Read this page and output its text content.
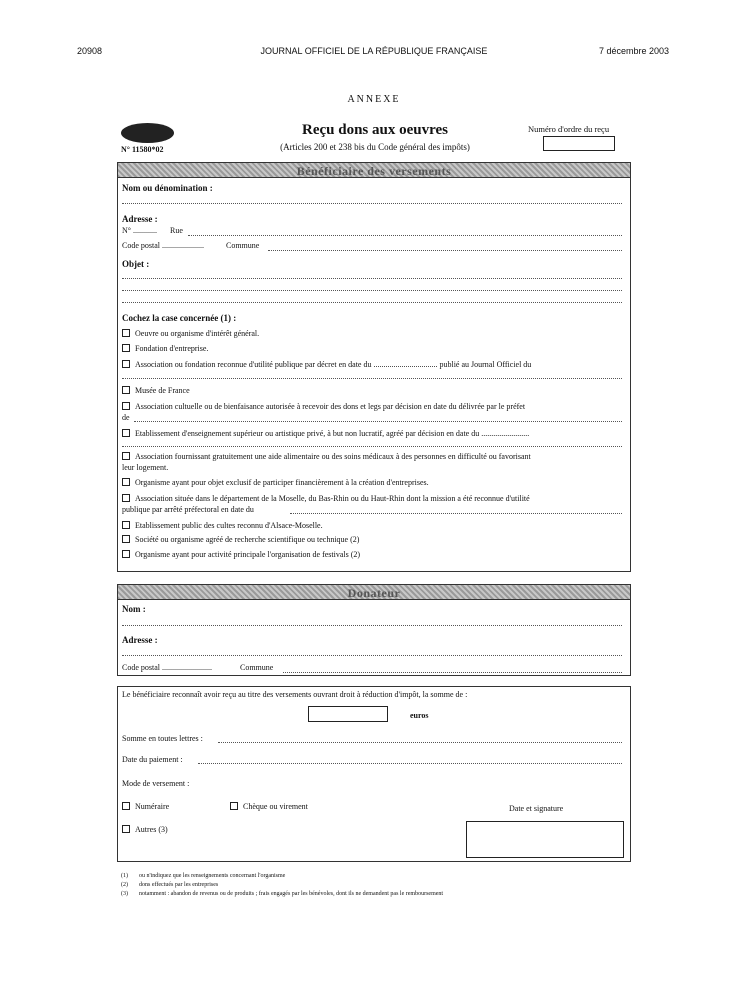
20908	JOURNAL OFFICIEL DE LA RÉPUBLIQUE FRANÇAISE	7 décembre 2003
ANNEXE
N° 11580*02
Reçu dons aux oeuvres
(Articles 200 et 238 bis du Code général des impôts)
Numéro d'ordre du reçu
Bénéficiaire des versements
Nom ou dénomination :
Adresse :
N° ............ Rue
Code postal .....................	Commune
Objet :
Cochez la case concernée (1) :
Oeuvre ou organisme d'intérêt général.
Fondation d'entreprise.
Association ou fondation reconnue d'utilité publique par décret en date du ................................ publié au Journal Officiel du
Musée de France
Association cultuelle ou de bienfaisance autorisée à recevoir des dons et legs par décision en date du délivrée par le préfet
de
Etablissement d'enseignement supérieur ou artistique privé, à but non lucratif, agréé par décision en date du ........................
Association fournissant gratuitement une aide alimentaire ou des soins médicaux à des personnes en difficulté ou favorisant
leur logement.
Organisme ayant pour objet exclusif de participer financièrement à la création d'entreprises.
Association située dans le département de la Moselle, du Bas-Rhin ou du Haut-Rhin dont la mission a été reconnue d'utilité
publique par arrêté préfectoral en date du
Etablissement public des cultes reconnu d'Alsace-Moselle.
Société ou organisme agréé de recherche scientifique ou technique (2)
Organisme ayant pour activité principale l'organisation de festivals (2)
Donateur
Nom :
Adresse :
Code postal .........................	Commune
Le bénéficiaire reconnaît avoir reçu au titre des versements ouvrant droit à réduction d'impôt, la somme de :
euros
Somme en toutes lettres :
Date du paiement :
Mode de versement :
Numéraire	Chèque ou virement	Date et signature
Autres (3)
(1) ou n'indiquez que les renseignements concernant l'organisme
(2) dons effectués par les entreprises
(3) notamment : abandon de revenus ou de produits ; frais engagés par les bénévoles, dont ils ne demandent pas le remboursement
